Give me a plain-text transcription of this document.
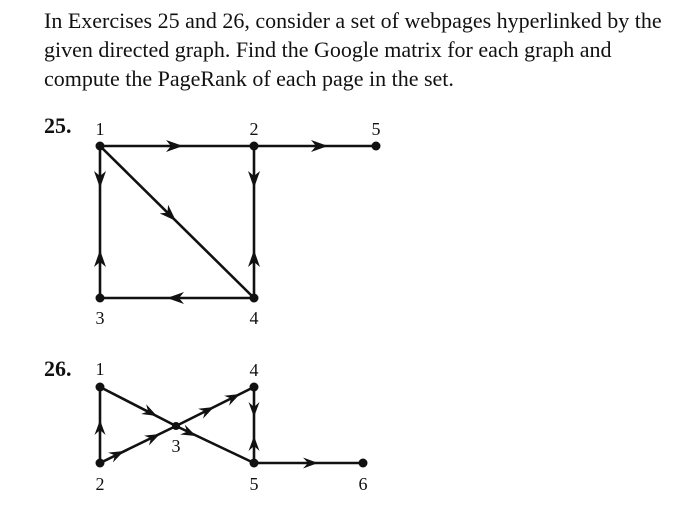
In Exercises 25 and 26, consider a set of webpages hyperlinked by the given directed graph. Find the Google matrix for each graph and compute the PageRank of each page in the set.

25.
26.
1	2	5
3	4
1
2
3
4
5	6
